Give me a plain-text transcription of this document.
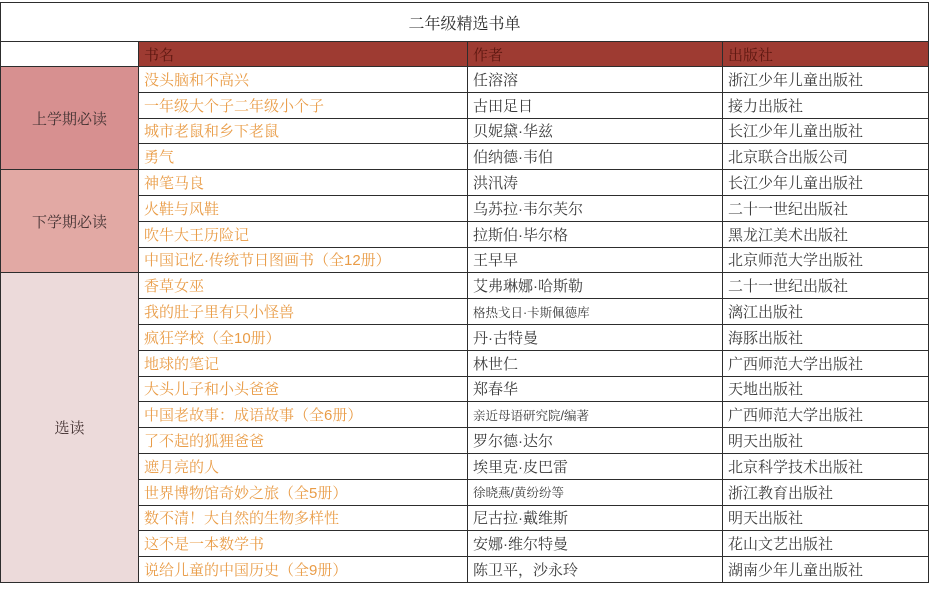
二年级精选书单			
	书名	作者	出版社
上学期必读	没头脑和不高兴	任溶溶	浙江少年儿童出版社
	一年级大个子二年级小个子	古田足日	接力出版社
	城市老鼠和乡下老鼠	贝妮黛·华兹	长江少年儿童出版社
	勇气	伯纳德·韦伯	北京联合出版公司
下学期必读	神笔马良	洪汛涛	长江少年儿童出版社
	火鞋与风鞋	乌苏拉·韦尔芙尔	二十一世纪出版社
	吹牛大王历险记	拉斯伯·毕尔格	黑龙江美术出版社
	中国记忆·传统节日图画书（全12册）	王早早	北京师范大学出版社
选读	香草女巫	艾弗琳娜·哈斯勒	二十一世纪出版社
	我的肚子里有只小怪兽	格热戈日·卡斯佩德库	漓江出版社
	疯狂学校（全10册）	丹·古特曼	海豚出版社
	地球的笔记	林世仁	广西师范大学出版社
	大头儿子和小头爸爸	郑春华	天地出版社
	中国老故事：成语故事（全6册）	亲近母语研究院/编著	广西师范大学出版社
	了不起的狐狸爸爸	罗尔德·达尔	明天出版社
	遮月亮的人	埃里克·皮巴雷	北京科学技术出版社
	世界博物馆奇妙之旅（全5册）	徐晓燕/黄纷纷等	浙江教育出版社
	数不清！大自然的生物多样性	尼古拉·戴维斯	明天出版社
	这不是一本数学书	安娜·维尔特曼	花山文艺出版社
	说给儿童的中国历史（全9册）	陈卫平，沙永玲	湖南少年儿童出版社
